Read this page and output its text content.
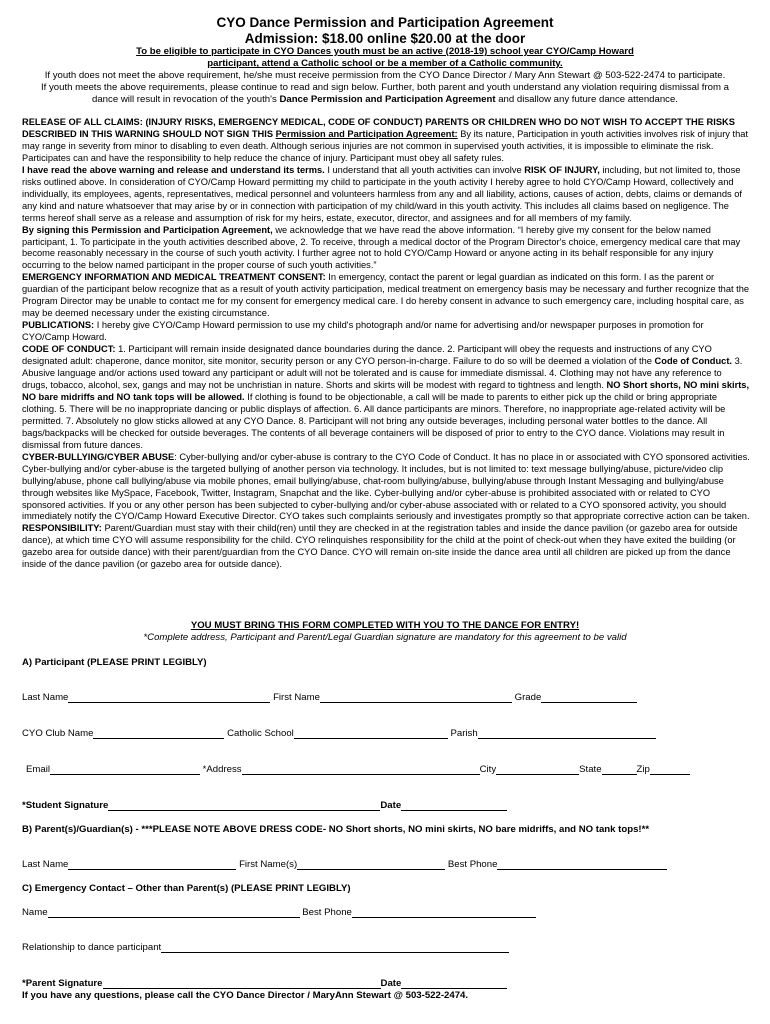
CYO Dance Permission and Participation Agreement
Admission: $18.00 online $20.00 at the door
To be eligible to participate in CYO Dances youth must be an active (2018-19) school year CYO/Camp Howard
participant, attend a Catholic school or be a member of a Catholic community.
If youth does not meet the above requirement, he/she must receive permission from the CYO Dance Director / Mary Ann Stewart @ 503-522-2474 to participate.
If youth meets the above requirements, please continue to read and sign below. Further, both parent and youth understand any violation requiring dismissal from a
dance will result in revocation of the youth's Dance Permission and Participation Agreement and disallow any future dance attendance.

RELEASE OF ALL CLAIMS: (INJURY RISKS, EMERGENCY MEDICAL, CODE OF CONDUCT) PARENTS OR CHILDREN WHO DO NOT WISH TO ACCEPT THE RISKS DESCRIBED IN THIS WARNING SHOULD NOT SIGN THIS Permission and Participation Agreement: By its nature, Participation in youth activities involves risk of injury that may range in severity from minor to disabling to even death. Although serious injuries are not common in supervised youth activities, it is impossible to eliminate the risk. Participates can and have the responsibility to help reduce the chance of injury. Participant must obey all safety rules.

I have read the above warning and release and understand its terms. I understand that all youth activities can involve RISK OF INJURY, including, but not limited to, those risks outlined above. In consideration of CYO/Camp Howard permitting my child to participate in the youth activity I hereby agree to hold CYO/Camp Howard, collectively and individually, its employees, agents, representatives, medical personnel and volunteers harmless from any and all liability, actions, causes of action, debts, claims or demands of any kind and nature whatsoever that may arise by or in connection with participation of my child/ward in this youth activity. This includes all claims based on negligence. The terms hereof shall serve as a release and assumption of risk for my heirs, estate, executor, director, and assignees and for all members of my family.

By signing this Permission and Participation Agreement, we acknowledge that we have read the above information. “I hereby give my consent for the below named participant, 1. To participate in the youth activities described above, 2. To receive, through a medical doctor of the Program Director's choice, emergency medical care that may become reasonably necessary in the course of such youth activity. I further agree not to hold CYO/Camp Howard or anyone acting in its behalf responsible for any injury occurring to the below named participant in the proper course of such youth activities.”

EMERGENCY INFORMATION AND MEDICAL TREATMENT CONSENT: In emergency, contact the parent or legal guardian as indicated on this form. I as the parent or guardian of the participant below recognize that as a result of youth activity participation, medical treatment on emergency basis may be necessary and further recognize that the Program Director may be unable to contact me for my consent for emergency medical care. I do hereby consent in advance to such emergency care, including hospital care, as may be deemed necessary under the existing circumstance.

PUBLICATIONS: I hereby give CYO/Camp Howard permission to use my child's photograph and/or name for advertising and/or newspaper purposes in promotion for CYO/Camp Howard.

CODE OF CONDUCT: 1. Participant will remain inside designated dance boundaries during the dance. 2. Participant will obey the requests and instructions of any CYO designated adult: chaperone, dance monitor, site monitor, security person or any CYO person-in-charge. Failure to do so will be deemed a violation of the Code of Conduct. 3. Abusive language and/or actions used toward any participant or adult will not be tolerated and is cause for immediate dismissal. 4. Clothing may not have any reference to drugs, tobacco, alcohol, sex, gangs and may not be unchristian in nature. Shorts and skirts will be modest with regard to tightness and length. NO Short shorts, NO mini skirts, NO bare midriffs and NO tank tops will be allowed. If clothing is found to be objectionable, a call will be made to parents to either pick up the child or bring appropriate clothing. 5. There will be no inappropriate dancing or public displays of affection. 6. All dance participants are minors. Therefore, no inappropriate age-related activity will be permitted. 7. Absolutely no glow sticks allowed at any CYO Dance. 8. Participant will not bring any outside beverages, including personal water bottles to the dance. All bags/backpacks will be checked for outside beverages. The contents of all beverage containers will be disposed of prior to entry to the CYO dance. Violations may result in dismissal from future dances.

CYBER-BULLYING/CYBER ABUSE: Cyber-bullying and/or cyber-abuse is contrary to the CYO Code of Conduct. It has no place in or associated with CYO sponsored activities. Cyber-bullying and/or cyber-abuse is the targeted bullying of another person via technology. It includes, but is not limited to: text message bullying/abuse, picture/video clip bullying/abuse, phone call bullying/abuse via mobile phones, email bullying/abuse, chat-room bullying/abuse, bullying/abuse through Instant Messaging and bullying/abuse through websites like MySpace, Facebook, Twitter, Instagram, Snapchat and the like. Cyber-bullying and/or cyber-abuse is prohibited associated with or related to CYO sponsored activities. If you or any other person has been subjected to cyber-bullying and/or cyber-abuse associated with or related to a CYO sponsored activity, you should immediately notify the CYO/Camp Howard Executive Director. CYO takes such complaints seriously and investigates promptly so that appropriate corrective action can be taken.

RESPONSIBILITY: Parent/Guardian must stay with their child(ren) until they are checked in at the registration tables and inside the dance pavilion (or gazebo area for outside dance), at which time CYO will assume responsibility for the child. CYO relinquishes responsibility for the child at the point of check-out when they have exited the building (or gazebo area for outside dance) with their parent/guardian from the CYO Dance. CYO will remain on-site inside the dance area until all children are picked up from the dance inside of the dance pavilion (or gazebo area for outside dance).

YOU MUST BRING THIS FORM COMPLETED WITH YOU TO THE DANCE FOR ENTRY!
*Complete address, Participant and Parent/Legal Guardian signature are mandatory for this agreement to be valid
A) Participant (PLEASE PRINT LEGIBLY)
Last Name	First Name	Grade
CYO Club Name	Catholic School	Parish
Email	*Address	City	State	Zip
*Student Signature	Date
B) Parent(s)/Guardian(s) - ***PLEASE NOTE ABOVE DRESS CODE- NO Short shorts, NO mini skirts, NO bare midriffs, and NO tank tops!**
Last Name	First Name(s)	Best Phone
C) Emergency Contact – Other than Parent(s) (PLEASE PRINT LEGIBLY)
Name	Best Phone
Relationship to dance participant
*Parent Signature	Date
If you have any questions, please call the CYO Dance Director / MaryAnn Stewart @ 503-522-2474.
